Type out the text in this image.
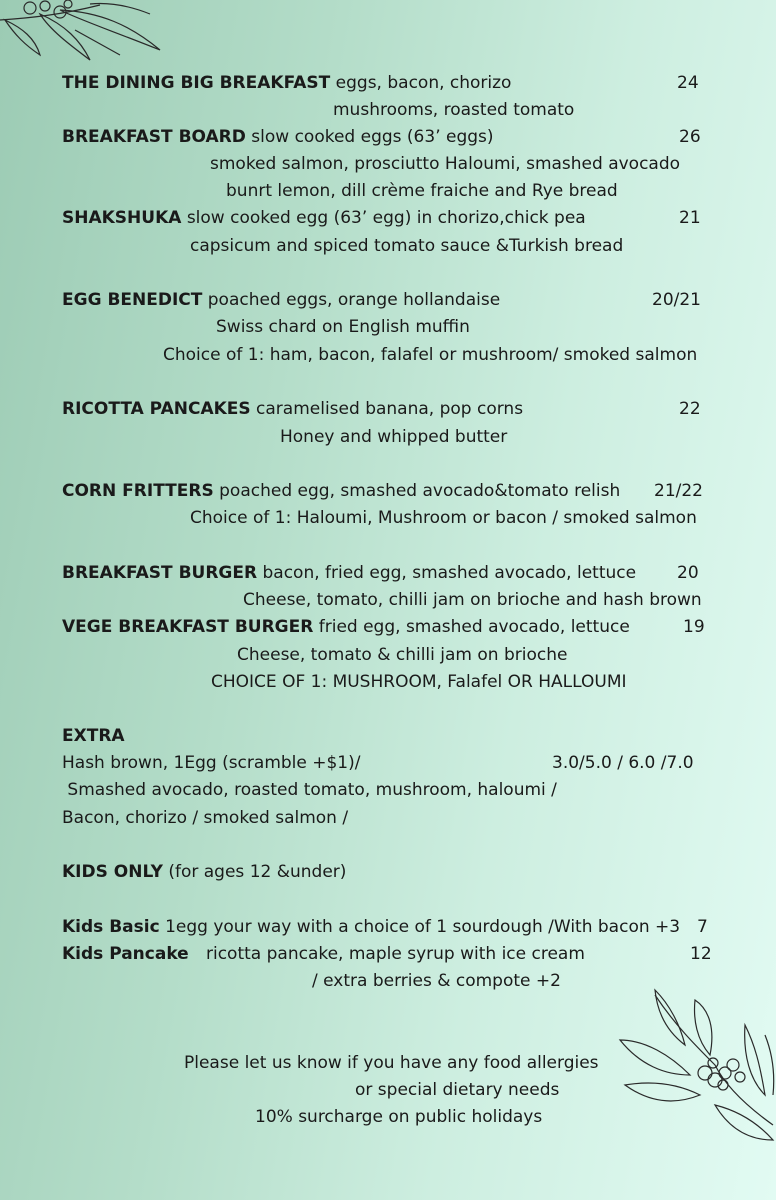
THE DINING BIG BREAKFAST eggs, bacon, chorizo	24
mushrooms, roasted tomato
BREAKFAST BOARD slow cooked eggs (63’ eggs)	26
smoked salmon, prosciutto Haloumi, smashed avocado
bunrt lemon, dill crème fraiche and Rye bread
SHAKSHUKA slow cooked egg (63’ egg) in chorizo,chick pea	21
capsicum and spiced tomato sauce &Turkish bread
EGG BENEDICT poached eggs, orange hollandaise	20/21
Swiss chard on English muffin
Choice of 1: ham, bacon, falafel or mushroom/ smoked salmon
RICOTTA PANCAKES caramelised banana, pop corns	22
Honey and whipped butter
CORN FRITTERS poached egg, smashed avocado&tomato relish 21/22
Choice of 1: Haloumi, Mushroom or bacon / smoked salmon
BREAKFAST BURGER bacon, fried egg, smashed avocado, lettuce 20
Cheese, tomato, chilli jam on brioche and hash brown
VEGE BREAKFAST BURGER fried egg, smashed avocado, lettuce	19
Cheese, tomato & chilli jam on brioche
CHOICE OF 1: MUSHROOM, Falafel OR HALLOUMI
EXTRA
Hash brown, 1Egg (scramble +$1)/	3.0/5.0 / 6.0 /7.0
Smashed avocado, roasted tomato, mushroom, haloumi /
Bacon, chorizo / smoked salmon /
KIDS ONLY (for ages 12 &under)
Kids Basic 1egg your way with a choice of 1 sourdough /With bacon +3 7
Kids Pancake ricotta pancake, maple syrup with ice cream	12
/ extra berries & compote +2
Please let us know if you have any food allergies
or special dietary needs
10% surcharge on public holidays
